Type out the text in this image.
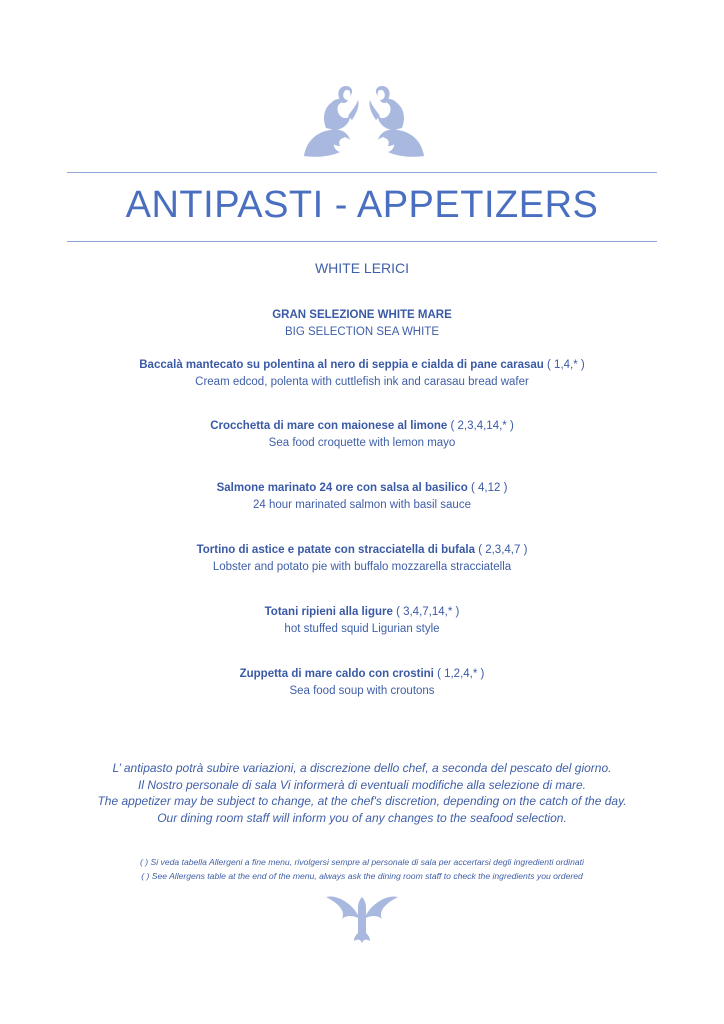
ANTIPASTI - APPETIZERS
WHITE LERICI
GRAN SELEZIONE WHITE MARE
BIG SELECTION SEA WHITE
Baccalà mantecato su polentina al nero di seppia e cialda di pane carasau ( 1,4,* )
Cream edcod, polenta with cuttlefish ink and carasau bread wafer
Crocchetta di mare con maionese al limone ( 2,3,4,14,* )
Sea food croquette with lemon mayo
Salmone marinato 24 ore con salsa al basilico ( 4,12 )
24 hour marinated salmon with basil sauce
Tortino di astice e patate con stracciatella di bufala ( 2,3,4,7 )
Lobster and potato pie with buffalo mozzarella stracciatella
Totani ripieni alla ligure ( 3,4,7,14,* )
hot stuffed squid Ligurian style
Zuppetta di mare caldo con crostini ( 1,2,4,* )
Sea food soup with croutons
L’ antipasto potrà subire variazioni, a discrezione dello chef, a seconda del pescato del giorno.
Il Nostro personale di sala Vi informerà di eventuali modifiche alla selezione di mare.
The appetizer may be subject to change, at the chef's discretion, depending on the catch of the day.
Our dining room staff will inform you of any changes to the seafood selection.
( ) Si veda tabella Allergeni a fine menu, rivolgersi sempre al personale di sala per accertarsi degli ingredienti ordinati
( ) See Allergens table at the end of the menu, always ask the dining room staff to check the ingredients you ordered
